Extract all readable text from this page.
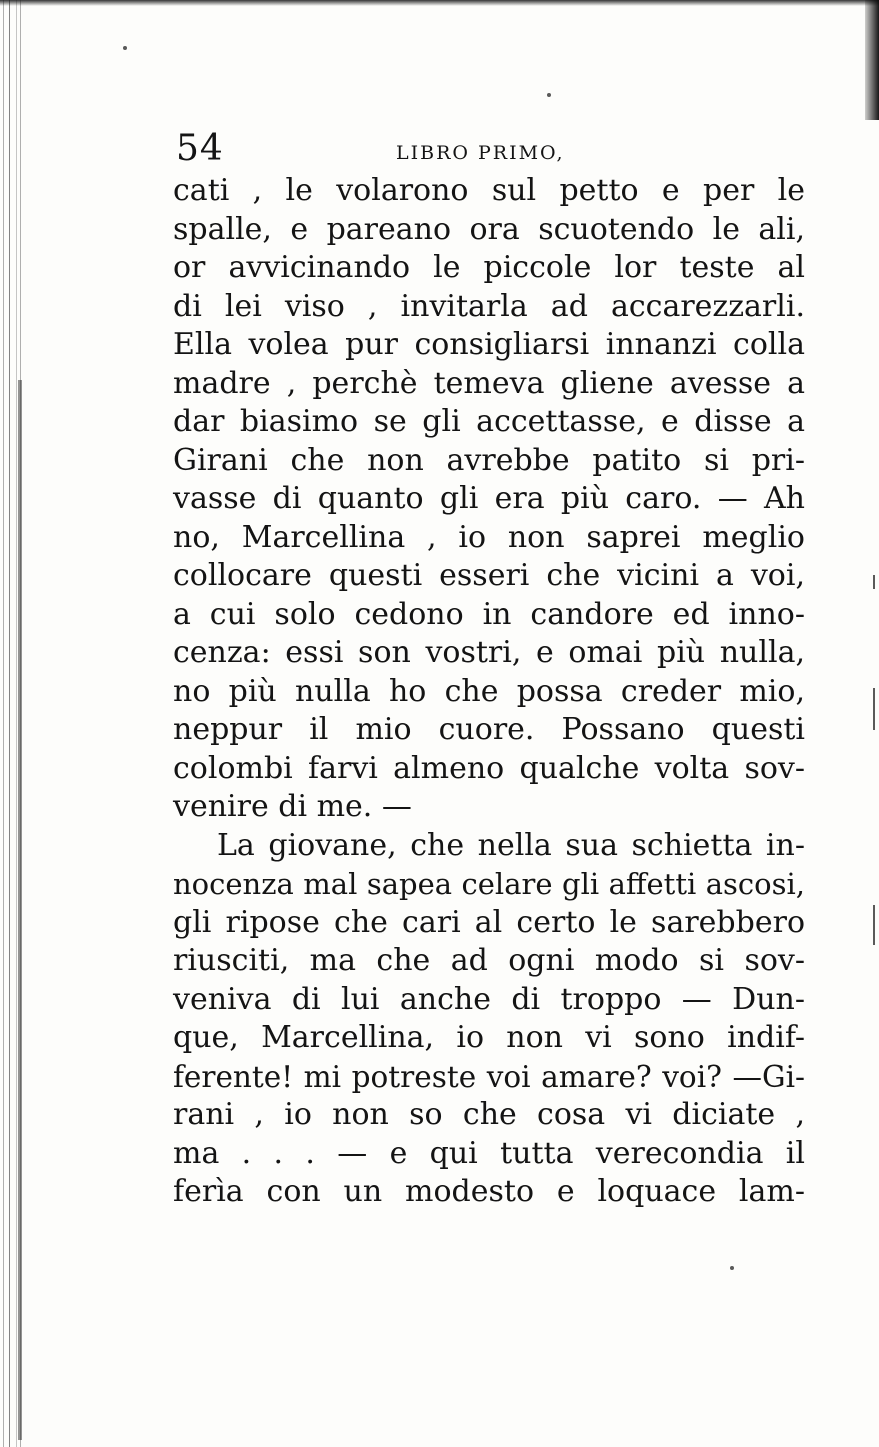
54	LIBRO PRIMO,
cati , le volarono sul petto e per le
spalle, e pareano ora scuotendo le ali,
or avvicinando le piccole lor teste al
di lei viso , invitarla ad accarezzarli.
Ella volea pur consigliarsi innanzi colla
madre , perchè temeva gliene avesse a
dar biasimo se gli accettasse, e disse a
Girani che non avrebbe patito si pri-
vasse di quanto gli era più caro. — Ah
no, Marcellina , io non saprei meglio
collocare questi esseri che vicini a voi,
a cui solo cedono in candore ed inno-
cenza: essi son vostri, e omai più nulla,
no più nulla ho che possa creder mio,
neppur il mio cuore. Possano questi
colombi farvi almeno qualche volta sov-
venire di me. —
La giovane, che nella sua schietta in-
nocenza mal sapea celare gli affetti ascosi,
gli ripose che cari al certo le sarebbero
riusciti, ma che ad ogni modo si sov-
veniva di lui anche di troppo — Dun-
que, Marcellina, io non vi sono indif-
ferente! mi potreste voi amare? voi? —Gi-
rani , io non so che cosa vi diciate ,
ma . . . — e qui tutta verecondia il
ferìa con un modesto e loquace lam-
